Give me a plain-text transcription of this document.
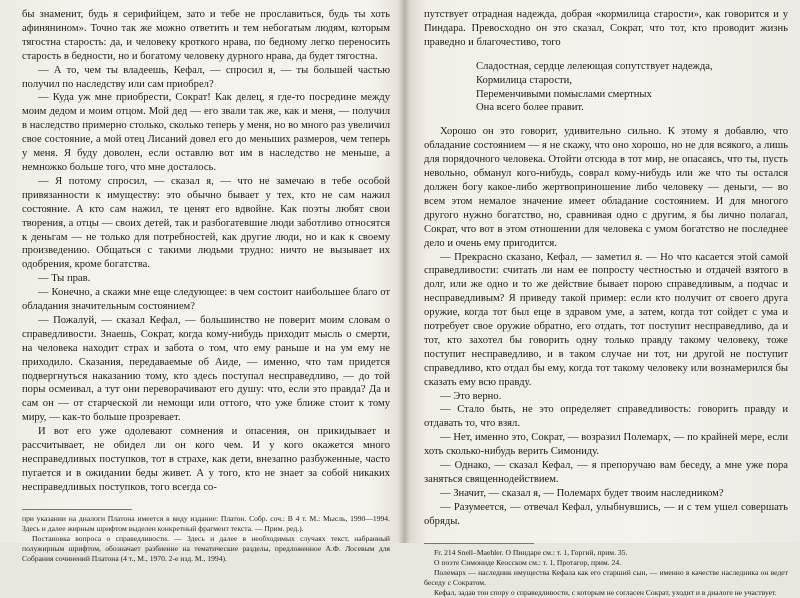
бы знаменит, будь я серифийцем, зато и тебе не прославиться, будь ты хоть афинянином». Точно так же можно ответить и тем небогатым людям, которым тягостна старость: да, и человеку кроткого нрава, по бедному легко переносить старость в бедности, но и богатому человеку дурного нрава, да будет тягостна.

— А то, чем ты владеешь, Кефал, — спросил я, — ты большей частью получил по наследству или сам приобрел?

— Куда уж мне приобрести, Сократ! Как делец, я где-то посредине между моим дедом и моим отцом. Мой дед — его звали так же, как и меня, — получил в наследство примерно столько, сколько теперь у меня, но во много раз увеличил свое состояние, а мой отец Лисаний довел его до меньших размеров, чем теперь у меня. Я буду доволен, если оставлю вот им в наследство не меньше, а немножко больше того, что мне досталось.

— Я потому спросил, — сказал я, — что не замечаю в тебе особой привязанности к имуществу: это обычно бывает у тех, кто не сам нажил состояние. А кто сам нажил, те ценят его вдвойне. Как поэты любят свои творения, а отцы — своих детей, так и разбогатевшие люди заботливо относятся к деньгам — не только для потребностей, как другие люди, но и как к своему произведению. Общаться с такими людьми трудно: ничто не вызывает их одобрения, кроме богатства.

— Ты прав.

— Конечно, а скажи мне еще следующее: в чем состоит наибольшее благо от обладания значительным состоянием?

— Пожалуй, — сказал Кефал, — большинство не поверит моим словам о справедливости. Знаешь, Сократ, когда кому-нибудь приходит мысль о смерти, на человека находит страх и забота о том, что ему раньше и на ум ему не приходило. Сказания, передаваемые об Аиде, — именно, что там придется подвергнуться наказанию тому, кто здесь поступал несправедливо, — до той поры осмеивал, а тут они переворачивают его душу: что, если это правда? Да и сам он — от старческой ли немощи или оттого, что уже ближе стоит к тому миру, — как-то больше прозревает.

И вот его уже одолевают сомнения и опасения, он прикидывает и рассчитывает, не обидел ли он кого чем. И у кого окажется много несправедливых поступков, тот в страхе, как дети, внезапно разбуженные, часто пугается и в ожидании беды живет. А у того, кто не знает за собой никаких несправедливых поступков, того всегда со-

при указании на диалоги Платона имеется в виду издание: Платон. Собр. соч.: В 4 т. М.: Мысль, 1990—1994. Здесь и далее жирным шрифтом выделен конкретный фрагмент текста. — Прим. ред.).

Постановка вопроса о справедливости. — Здесь и далее в необходимых случаях текст, набранный полужирным шрифтом, обозначает разбиение на тематические разделы, предложенное А.Ф. Лосевым для Собрания сочинений Платона (4 т., М., 1970. 2-е изд. М., 1994).

путствует отрадная надежда, добрая «кормилица старости», как говорится и у Пиндара. Превосходно он это сказал, Сократ, что тот, кто проводит жизнь праведно и благочестиво, того

Сладостная, сердце лелеющая сопутствует надежда,
Кормилица старости,
Переменчивыми помыслами смертных
Она всего более правит.

Хорошо он это говорит, удивительно сильно. К этому я добавлю, что обладание состоянием — я не скажу, что оно хорошо, но не для всякого, а лишь для порядочного человека. Отойти отсюда в тот мир, не опасаясь, что ты, пусть невольно, обманул кого-нибудь, соврал кому-нибудь или же что ты остался должен богу какое-либо жертвоприношение либо человеку — деньги, — во всем этом немалое значение имеет обладание состоянием. И для многого другого нужно богатство, но, сравнивая одно с другим, я бы лично полагал, Сократ, что вот в этом отношении для человека с умом богатство не последнее дело и очень ему пригодится.

— Прекрасно сказано, Кефал, — заметил я. — Но что касается этой самой справедливости: считать ли нам ее попросту честностью и отдачей взятого в долг, или же одно и то же действие бывает порою справедливым, а подчас и несправедливым? Я приведу такой пример: если кто получит от своего друга оружие, когда тот был еще в здравом уме, а затем, когда тот сойдет с ума и потребует свое оружие обратно, его отдать, тот поступит несправедливо, да и тот, кто захотел бы говорить одну только правду такому человеку, тоже поступит несправедливо, и в таком случае ни тот, ни другой не поступит справедливо, кто отдал бы ему, когда тот такому человеку или вознамерился бы сказать ему всю правду.

— Это верно.

— Стало быть, не это определяет справедливость: говорить правду и отдавать то, что взял.

— Нет, именно это, Сократ, — возразил Полемарх, — по крайней мере, если хоть сколько-нибудь верить Симониду.

— Однако, — сказал Кефал, — я препоручаю вам беседу, а мне уже пора заняться священнодействием.

— Значит, — сказал я, — Полемарх будет твоим наследником?

— Разумеется, — отвечал Кефал, улыбнувшись, — и с тем ушел совершать обряды.

Fr. 214 Snell–Maehler. О Пиндаре см.: т. 1, Горгий, прим. 35.

О поэте Симониде Кеосском см.: т. 1, Протагор, прим. 24.

Полемарх — наследник имущества Кефала как его старший сын, — именно в качестве наследника он ведет беседу с Сократом.

Кефал, задав тон спору о справедливости, с которым не согласен Сократ, уходит и в диалоге не участвует.
